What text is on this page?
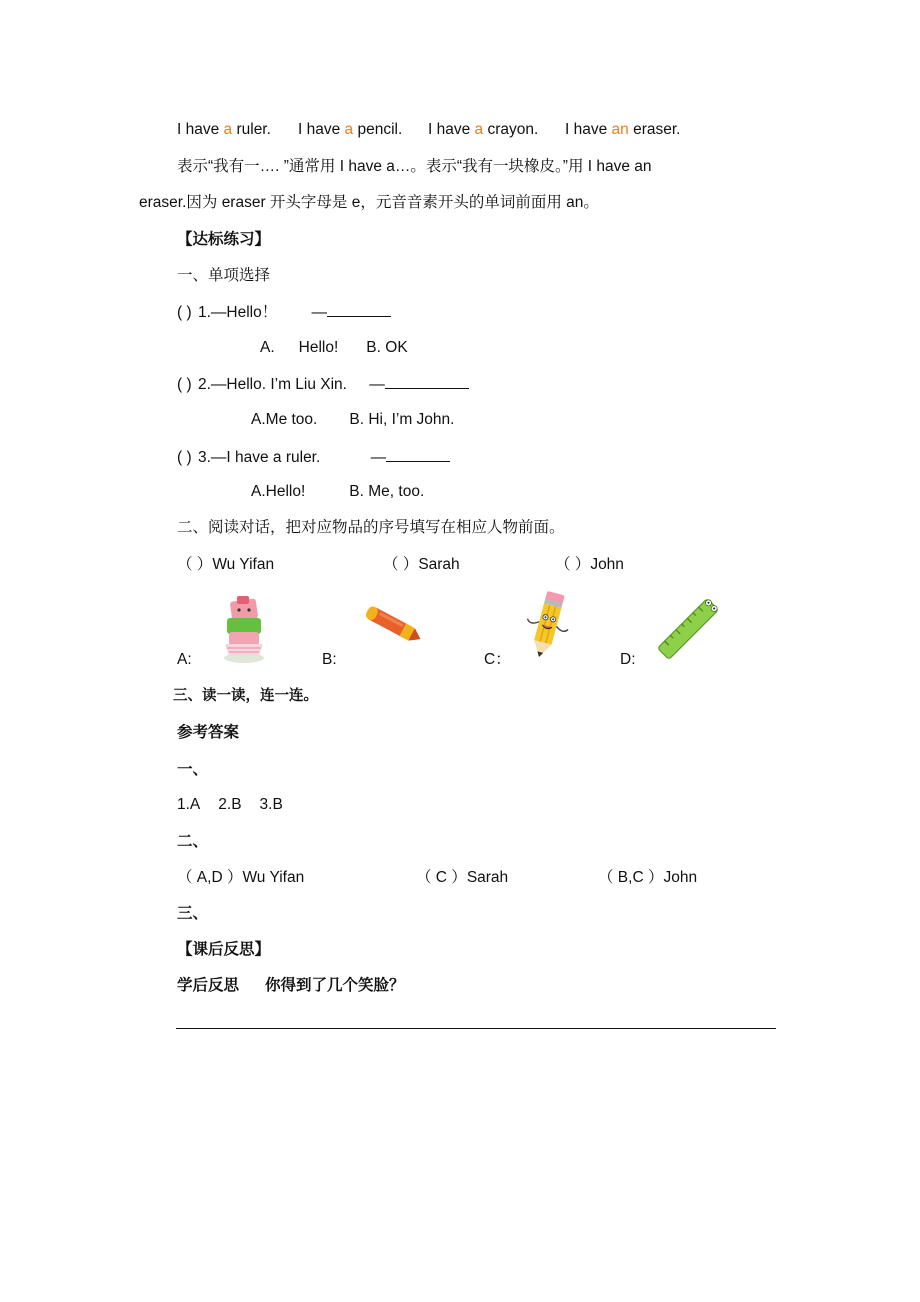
I have a ruler. I have a pencil. I have a crayon. I have an eraser.
表示“我有一…. ”通常用 I have a…。表示“我有一块橡皮。”用 I have an
eraser.因为 eraser 开头字母是 e，元音音素开头的单词前面用 an。
【达标练习】
一、单项选择
( ) 1.—Hello！ —
A. Hello! B. OK
( ) 2.—Hello. I’m Liu Xin. —
A.Me too. B. Hi, I’m John.
( ) 3.—I have a ruler.	—
A.Hello!	B. Me, too.
二、阅读对话，把对应物品的序号填写在相应人物前面。
（ ）Wu Yifan	（ ）Sarah	（ ）John
A:	B:	C：	D:
三、读一读，连一连。
参考答案
一、
1.A 2.B 3.B
二、
（ A,D ）Wu Yifan	（ C ）Sarah	（ B,C ）John
三、
【课后反思】
学后反思 你得到了几个笑脸？
